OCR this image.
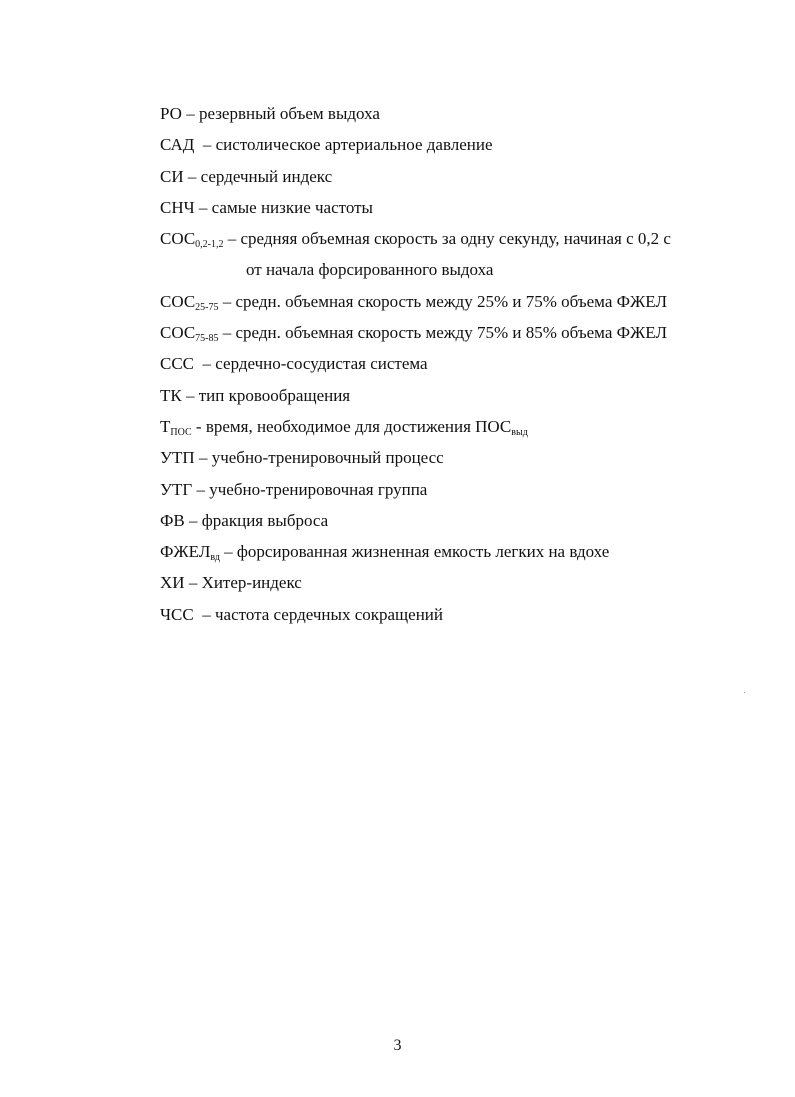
РО – резервный объем выдоха
САД  – систолическое артериальное давление
СИ – сердечный индекс
СНЧ – самые низкие частоты
$СОС_{0,2-1,2}$ – средняя объемная скорость за одну секунду, начиная с 0,2 с
от начала форсированного выдоха
$СОС_{25-75}$ – средн. объемная скорость между 25% и 75% объема ФЖЕЛ
$СОС_{75-85}$ – средн. объемная скорость между 75% и 85% объема ФЖЕЛ
ССС  – сердечно-сосудистая система
ТК – тип кровообращения
$Т_{ПОС}$ - время, необходимое для достижения $ПОС_{выд}$
УТП – учебно-тренировочный процесс
УТГ – учебно-тренировочная группа
ФВ – фракция выброса
$ФЖЕЛ_{вд}$ – форсированная жизненная емкость легких на вдохе
ХИ – Хитер-индекс
ЧСС  – частота сердечных сокращений
3
